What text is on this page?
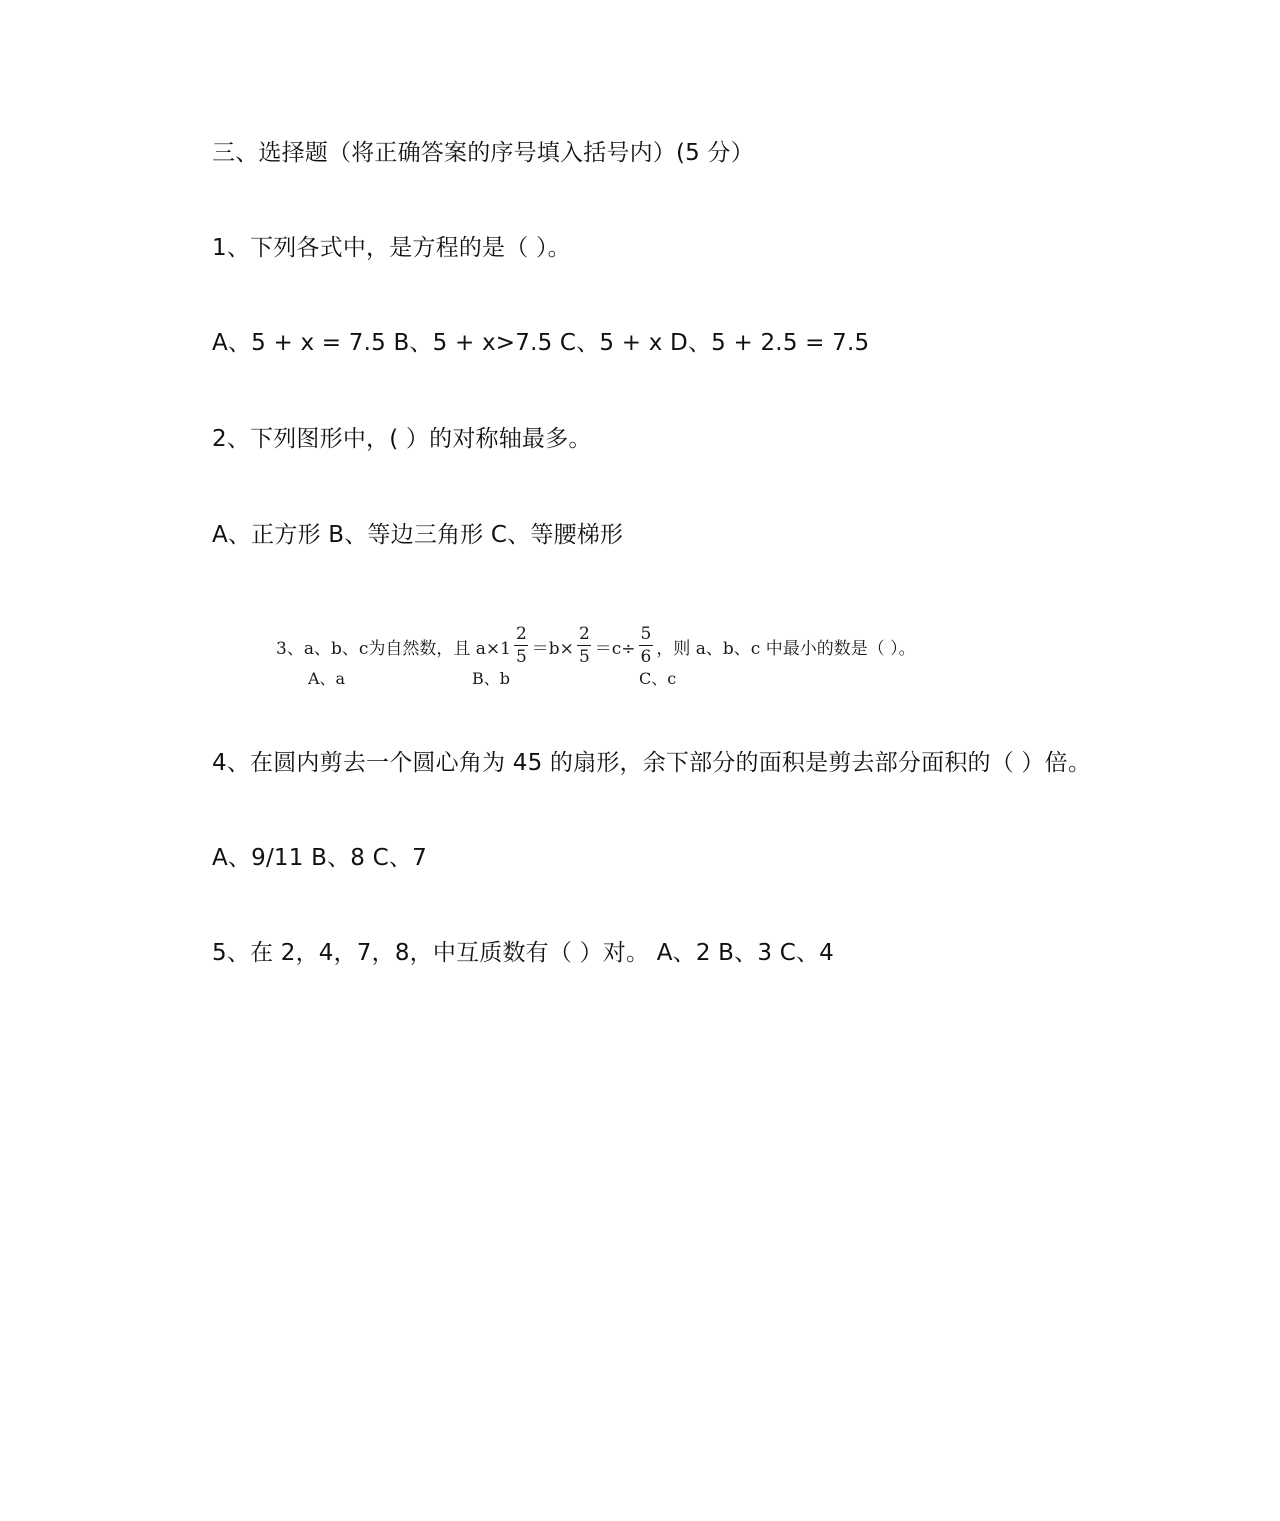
三、选择题（将正确答案的序号填入括号内）(5 分）
1、下列各式中，是方程的是（ ）。
A、5 + x = 7.5 B、5 + x>7.5 C、5 + x D、5 + 2.5 = 7.5
2、下列图形中，( ）的对称轴最多。
A、正方形 B、等边三角形 C、等腰梯形
3、a、b、c为自然数，且 $a\times 1 \frac{2}{5} =b\times \frac{2}{5} =c\div \frac{5}{6}$ ，则 a、b、c 中最小的数是（ ）。
A、a	B、b	C、c
4、在圆内剪去一个圆心角为 45 的扇形，余下部分的面积是剪去部分面积的（ ）倍。
A、9/11 B、8 C、7
5、在 2，4，7，8，中互质数有（ ）对。 A、2 B、3 C、4
